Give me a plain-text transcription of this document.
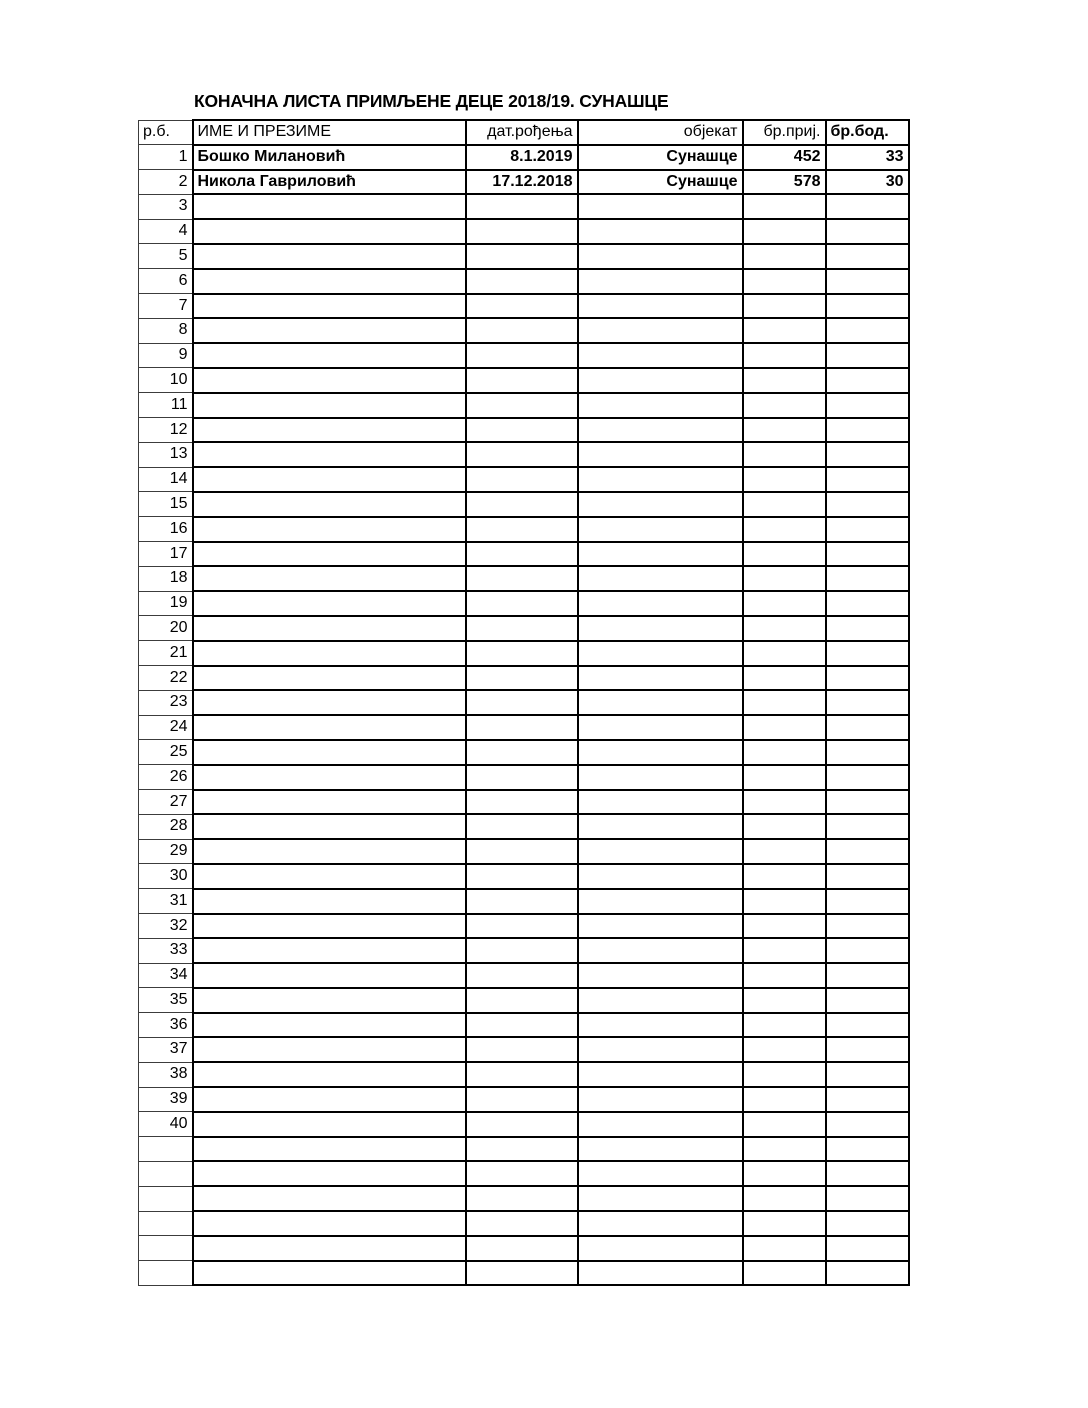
КОНАЧНА ЛИСТА ПРИМЉЕНЕ ДЕЦЕ 2018/19. СУНАШЦЕ
р.б.	ИМЕ И ПРЕЗИМЕ	дат.рођења	објекат	бр.приј.	бр.бод.
1	Бошко Милановић	8.1.2019	Сунашце	452	33
2	Никола Гавриловић	17.12.2018	Сунашце	578	30
3					
4					
5					
6					
7					
8					
9					
10					
11					
12					
13					
14					
15					
16					
17					
18					
19					
20					
21					
22					
23					
24					
25					
26					
27					
28					
29					
30					
31					
32					
33					
34					
35					
36					
37					
38					
39					
40					
